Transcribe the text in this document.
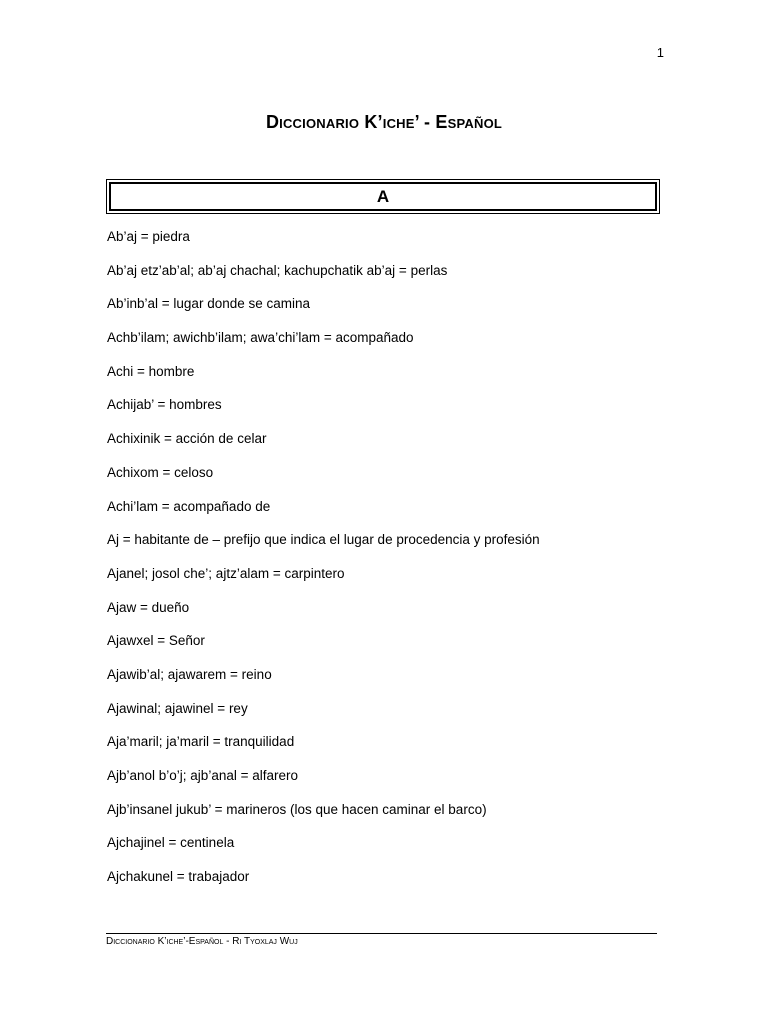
1
Diccionario K’iche’ - Español
A
Ab’aj = piedra
Ab’aj etz’ab’al; ab’aj chachal; kachupchatik ab’aj = perlas
Ab’inb’al = lugar donde se camina
Achb’ilam; awichb’ilam; awa’chi’lam = acompañado
Achi = hombre
Achijab’ = hombres
Achixinik = acción de celar
Achixom = celoso
Achi’lam = acompañado de
Aj = habitante de – prefijo que indica el lugar de procedencia y profesión
Ajanel; josol che’; ajtz’alam = carpintero
Ajaw = dueño
Ajawxel = Señor
Ajawib’al; ajawarem = reino
Ajawinal; ajawinel = rey
Aja’maril; ja’maril = tranquilidad
Ajb’anol b’o’j; ajb’anal = alfarero
Ajb’insanel jukub’ = marineros (los que hacen caminar el barco)
Ajchajinel = centinela
Ajchakunel = trabajador
Diccionario K’iche’-Español - Ri Tyoxlaj Wuj
